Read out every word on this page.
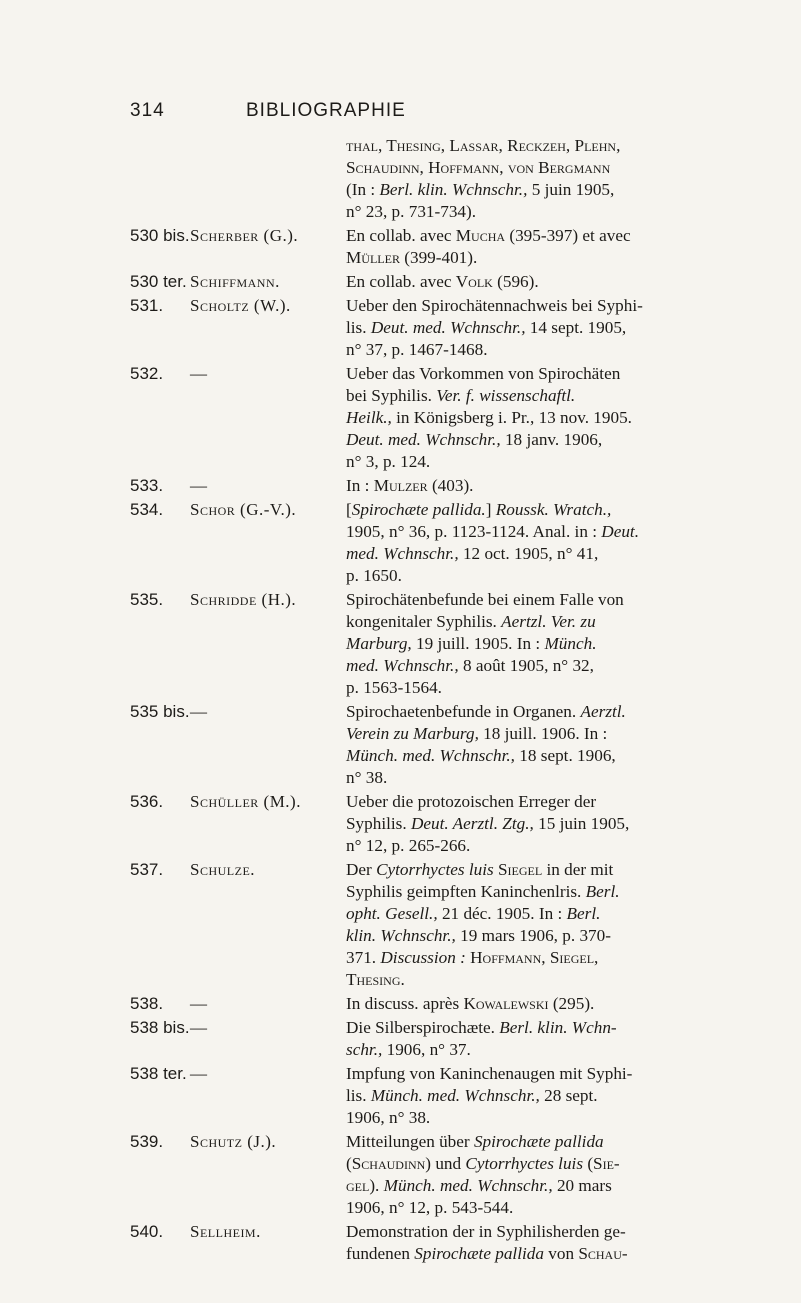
314	BIBLIOGRAPHIE

thal, Thesing, Lassar, Reckzeh, Plehn,

Schaudinn, Hoffmann, von Bergmann

(In : Berl. klin. Wchnschr., 5 juin 1905,

n° 23, p. 731-734).

530 bis. Scherber (G.).	En collab. avec Mucha (395-397) et avec

Müller (399-401).

530 ter. Schiffmann.	En collab. avec Volk (596).

531.	Scholtz (W.).	Ueber den Spirochätennachweis bei Syphi-

lis. Deut. med. Wchnschr., 14 sept. 1905,

n° 37, p. 1467-1468.

532.	—	Ueber das Vorkommen von Spirochäten

bei Syphilis. Ver. f. wissenschaftl.

Heilk., in Königsberg i. Pr., 13 nov. 1905.

Deut. med. Wchnschr., 18 janv. 1906,

n° 3, p. 124.

533.	—	In : Mulzer (403).

534.	Schor (G.-V.).	[Spirochæte pallida.] Roussk. Wratch.,

1905, n° 36, p. 1123-1124. Anal. in : Deut.

med. Wchnschr., 12 oct. 1905, n° 41,

p. 1650.

535.	Schridde (H.).	Spirochätenbefunde bei einem Falle von

kongenitaler Syphilis. Aertzl. Ver. zu

Marburg, 19 juill. 1905. In : Münch.

med. Wchnschr., 8 août 1905, n° 32,

p. 1563-1564.

535 bis. —	Spirochaetenbefunde in Organen. Aerztl.

Verein zu Marburg, 18 juill. 1906. In :

Münch. med. Wchnschr., 18 sept. 1906,

n° 38.

536.	Schüller (M.).	Ueber die protozoischen Erreger der

Syphilis. Deut. Aerztl. Ztg., 15 juin 1905,

n° 12, p. 265-266.

537.	Schulze.	Der Cytorrhyctes luis Siegel in der mit

Syphilis geimpften Kaninchenlris. Berl.

opht. Gesell., 21 déc. 1905. In : Berl.

klin. Wchnschr., 19 mars 1906, p. 370-

371. Discussion : Hoffmann, Siegel,

Thesing.

538.	—	In discuss. après Kowalewski (295).

538 bis. —	Die Silberspirochæte. Berl. klin. Wchn-

schr., 1906, n° 37.

538 ter. —	Impfung von Kaninchenaugen mit Syphi-

lis. Münch. med. Wchnschr., 28 sept.

1906, n° 38.

539.	Schutz (J.).	Mitteilungen über Spirochæte pallida

(Schaudinn) und Cytorrhyctes luis (Sie-

gel). Münch. med. Wchnschr., 20 mars

1906, n° 12, p. 543-544.

540.	Sellheim.	Demonstration der in Syphilisherden ge-

fundenen Spirochæte pallida von Schau-
